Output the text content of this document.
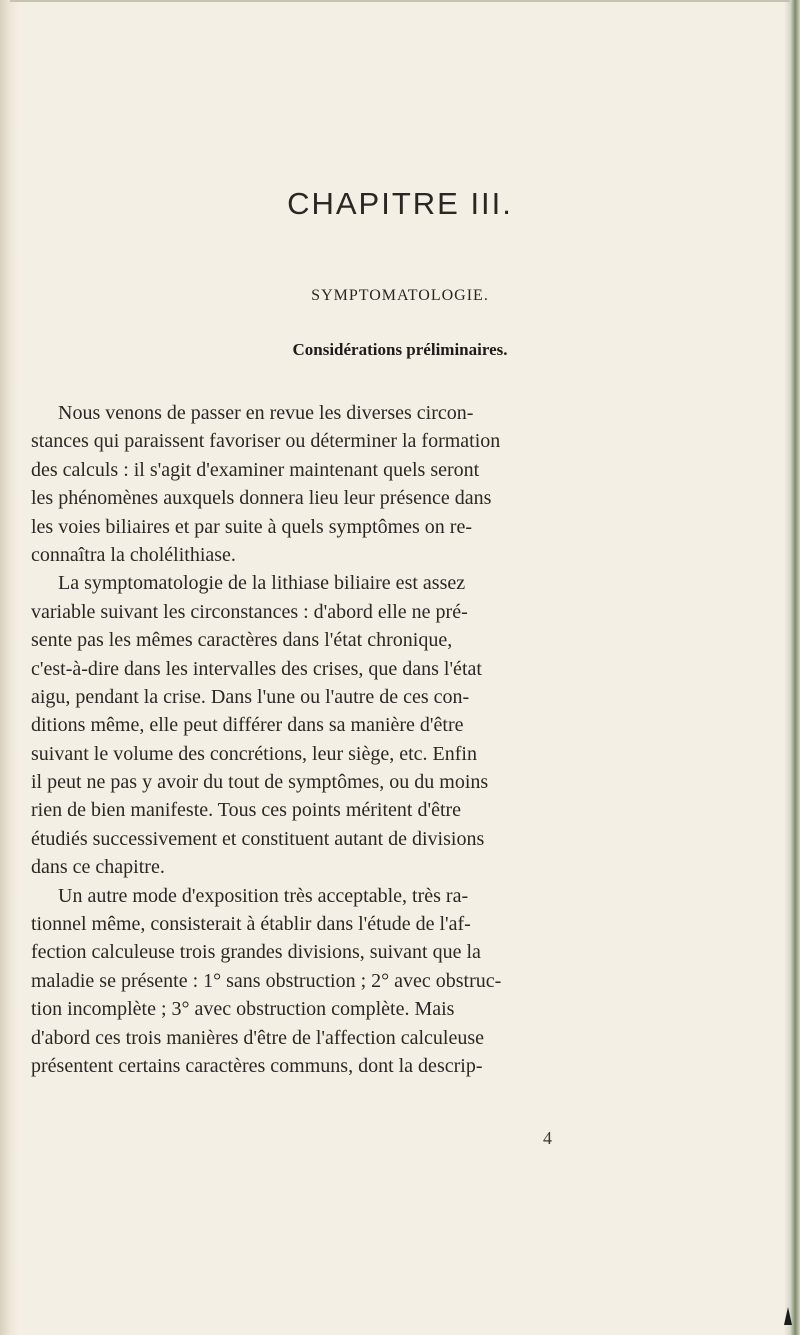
CHAPITRE III.
SYMPTOMATOLOGIE.
Considérations préliminaires.
Nous venons de passer en revue les diverses circon-
stances qui paraissent favoriser ou déterminer la formation
des calculs : il s'agit d'examiner maintenant quels seront
les phénomènes auxquels donnera lieu leur présence dans
les voies biliaires et par suite à quels symptômes on re-
connaîtra la cholélithiase.
La symptomatologie de la lithiase biliaire est assez
variable suivant les circonstances : d'abord elle ne pré-
sente pas les mêmes caractères dans l'état chronique,
c'est-à-dire dans les intervalles des crises, que dans l'état
aigu, pendant la crise. Dans l'une ou l'autre de ces con-
ditions même, elle peut différer dans sa manière d'être
suivant le volume des concrétions, leur siège, etc. Enfin
il peut ne pas y avoir du tout de symptômes, ou du moins
rien de bien manifeste. Tous ces points méritent d'être
étudiés successivement et constituent autant de divisions
dans ce chapitre.
Un autre mode d'exposition très acceptable, très ra-
tionnel même, consisterait à établir dans l'étude de l'af-
fection calculeuse trois grandes divisions, suivant que la
maladie se présente : 1° sans obstruction ; 2° avec obstruc-
tion incomplète ; 3° avec obstruction complète. Mais
d'abord ces trois manières d'être de l'affection calculeuse
présentent certains caractères communs, dont la descrip-
4
